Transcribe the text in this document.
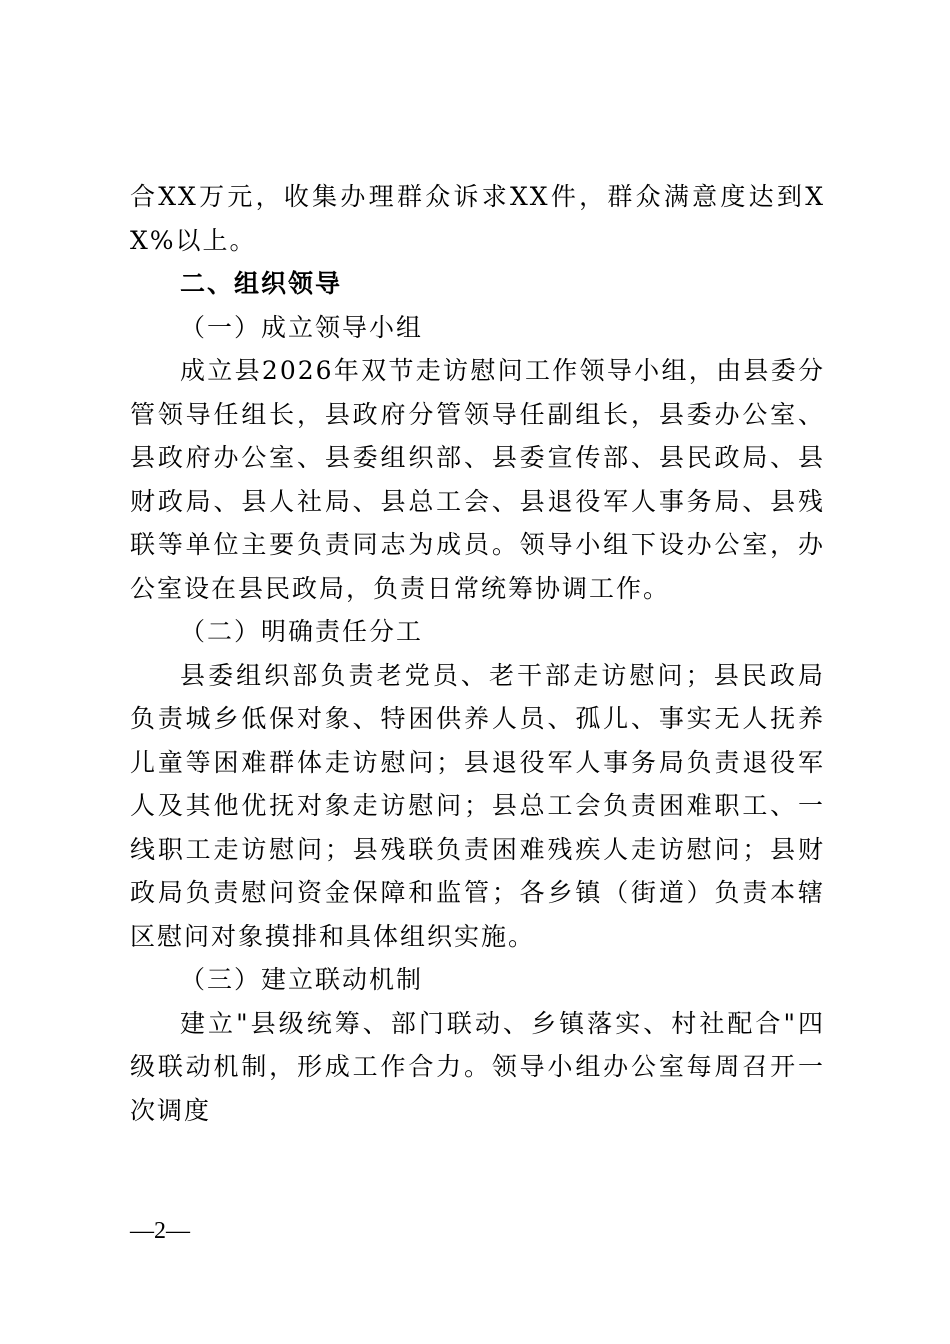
合XX万元，收集办理群众诉求XX件，群众满意度达到XX%以上。

二、组织领导

（一）成立领导小组

成立县2026年双节走访慰问工作领导小组，由县委分管领导任组长，县政府分管领导任副组长，县委办公室、县政府办公室、县委组织部、县委宣传部、县民政局、县财政局、县人社局、县总工会、县退役军人事务局、县残联等单位主要负责同志为成员。领导小组下设办公室，办公室设在县民政局，负责日常统筹协调工作。

（二）明确责任分工

县委组织部负责老党员、老干部走访慰问；县民政局负责城乡低保对象、特困供养人员、孤儿、事实无人抚养儿童等困难群体走访慰问；县退役军人事务局负责退役军人及其他优抚对象走访慰问；县总工会负责困难职工、一线职工走访慰问；县残联负责困难残疾人走访慰问；县财政局负责慰问资金保障和监管；各乡镇（街道）负责本辖区慰问对象摸排和具体组织实施。

（三）建立联动机制

建立"县级统筹、部门联动、乡镇落实、村社配合"四级联动机制，形成工作合力。领导小组办公室每周召开一次调度

—2—
